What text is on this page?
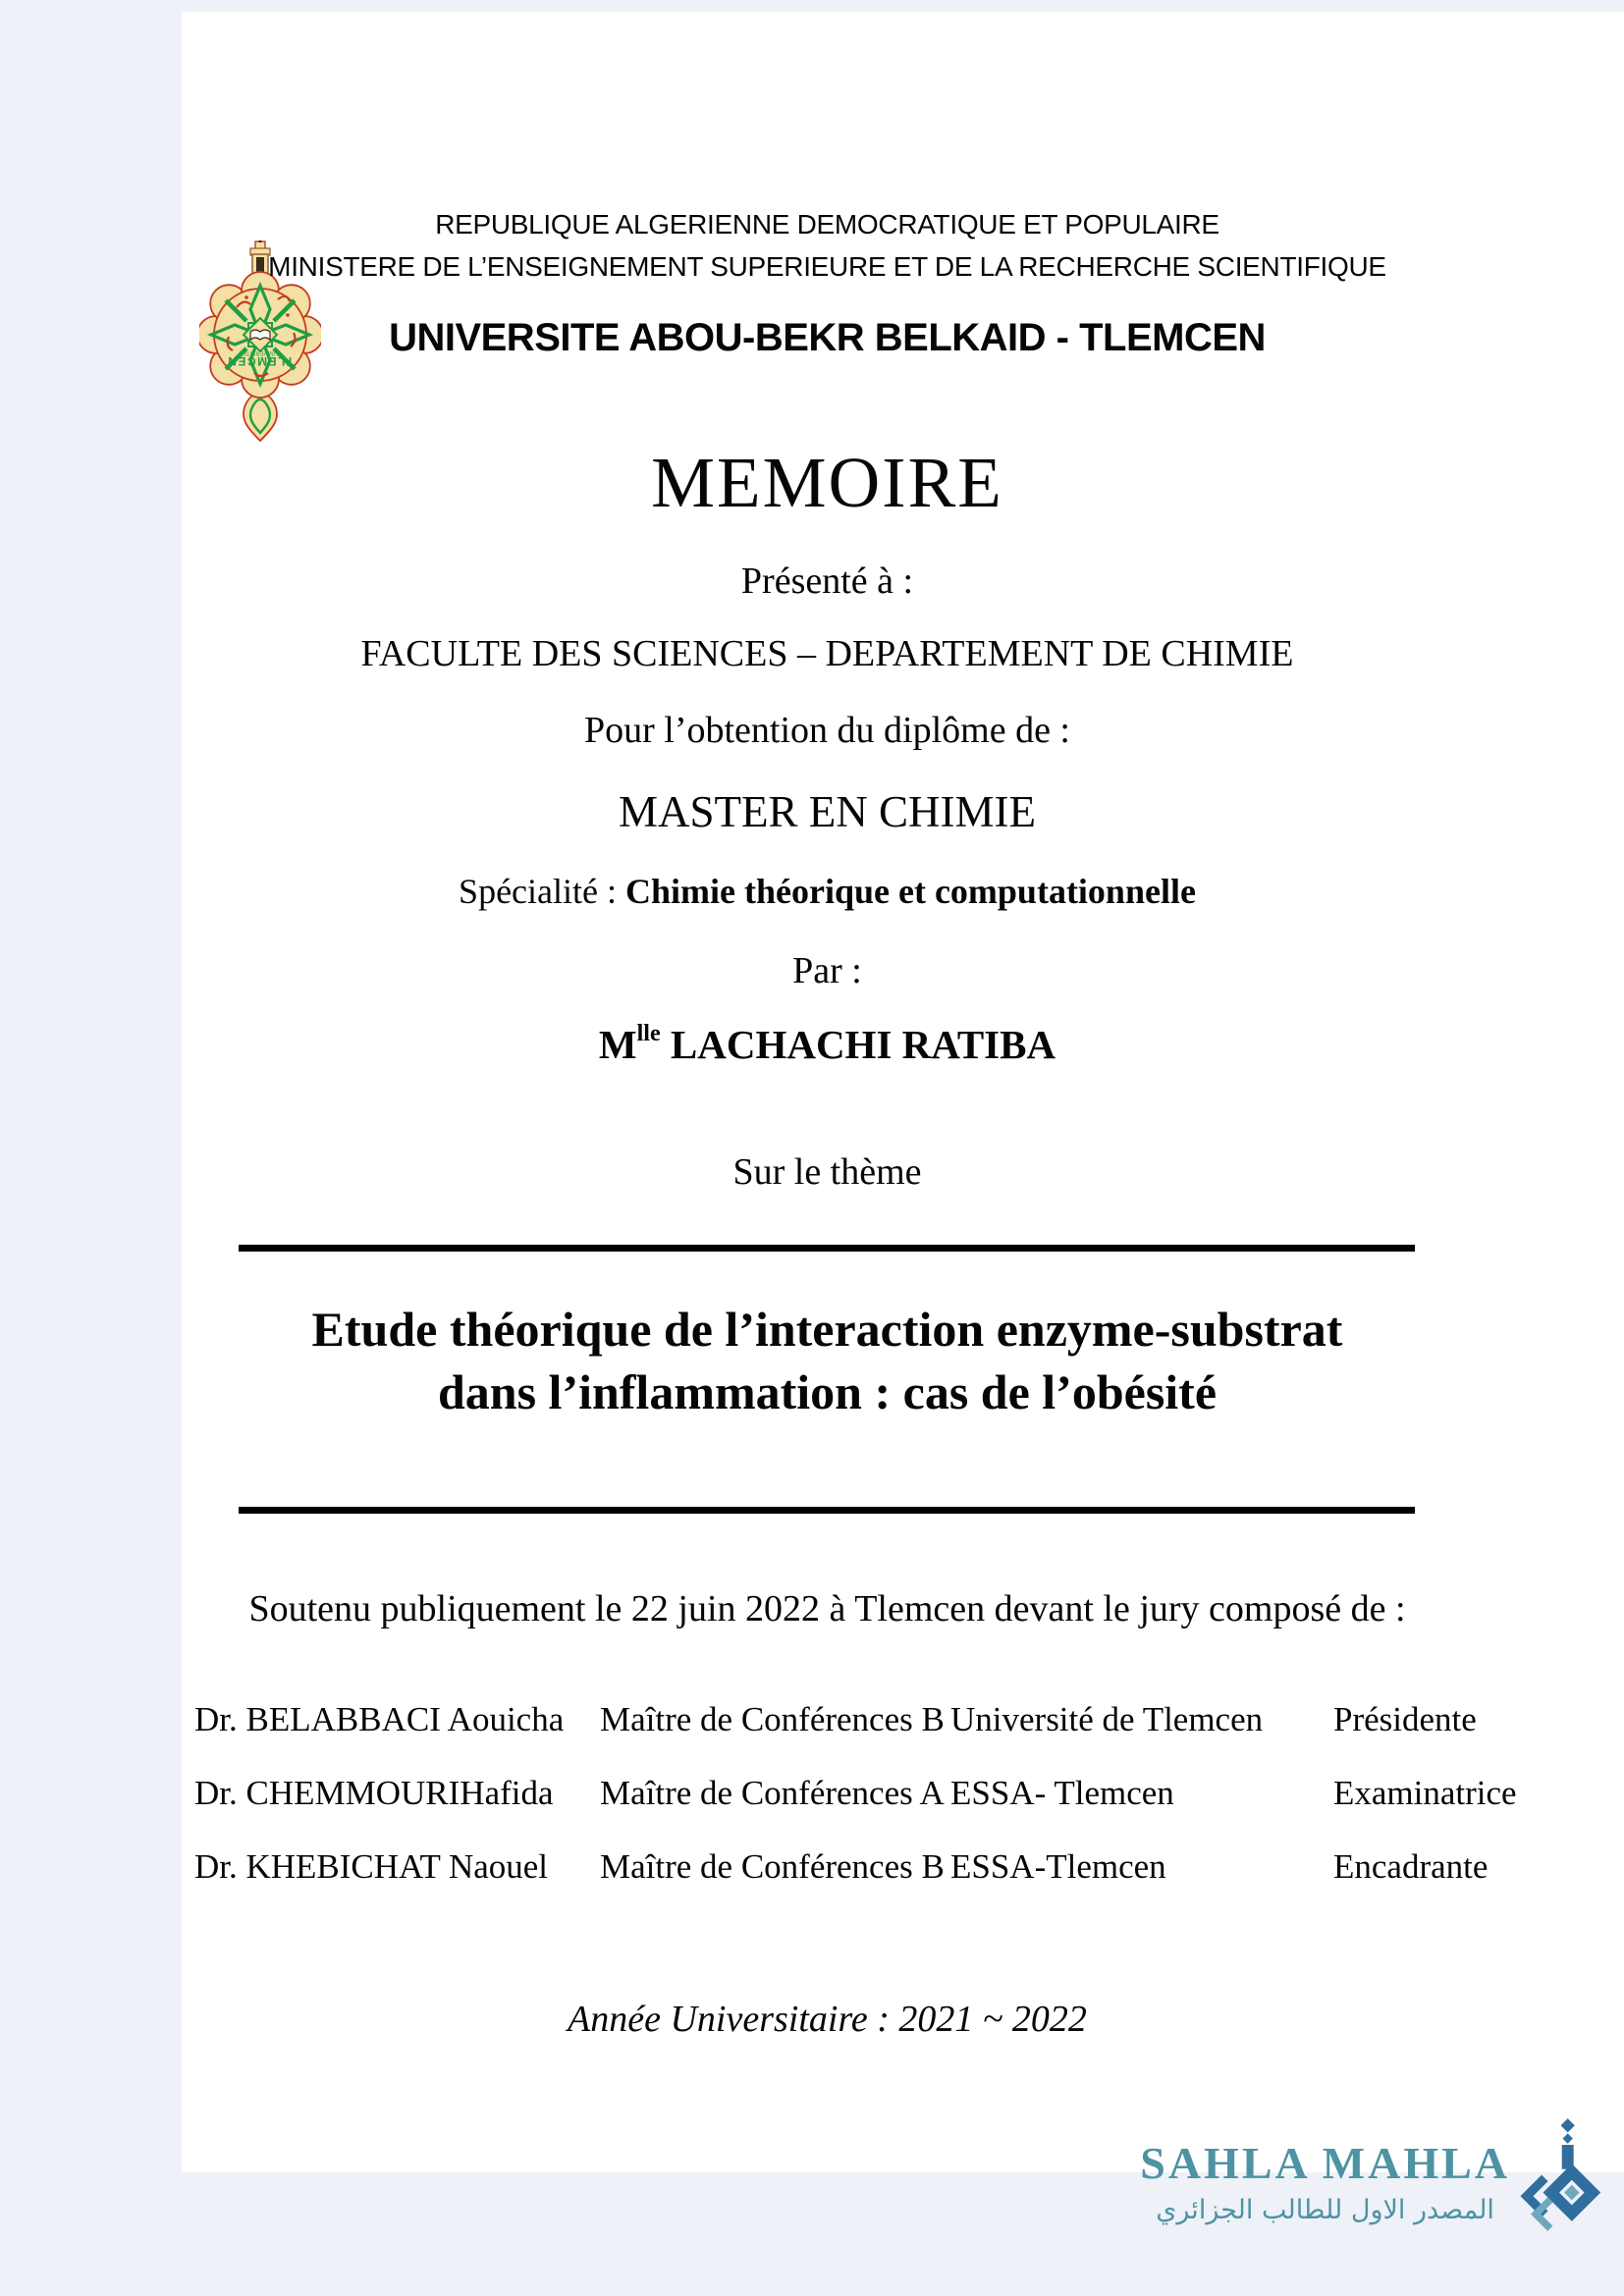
UNIVERSITE
TLEMCEN
REPUBLIQUE ALGERIENNE DEMOCRATIQUE ET POPULAIRE
MINISTERE DE L’ENSEIGNEMENT SUPERIEURE ET DE LA RECHERCHE SCIENTIFIQUE
UNIVERSITE ABOU-BEKR BELKAID - TLEMCEN
MEMOIRE
Présenté à :
FACULTE DES SCIENCES – DEPARTEMENT DE CHIMIE
Pour l’obtention du diplôme de :
MASTER EN CHIMIE
Spécialité : Chimie théorique et computationnelle
Par :
$M^{lle}$ LACHACHI RATIBA
Sur le thème
Etude théorique de l’interaction enzyme-substrat
dans l’inflammation : cas de l’obésité
Soutenu publiquement le 22 juin 2022 à Tlemcen devant le jury composé de :
Dr. BELABBACI Aouicha	Maître de Conférences B Université de Tlemcen	Présidente
Dr. CHEMMOURIHafida	Maître de Conférences A ESSA- Tlemcen	Examinatrice
Dr. KHEBICHAT Naouel	Maître de Conférences B ESSA-Tlemcen	Encadrante
Année Universitaire : 2021 ~ 2022
SAHLA MAHLA
المصدر الاول للطالب الجزائري
